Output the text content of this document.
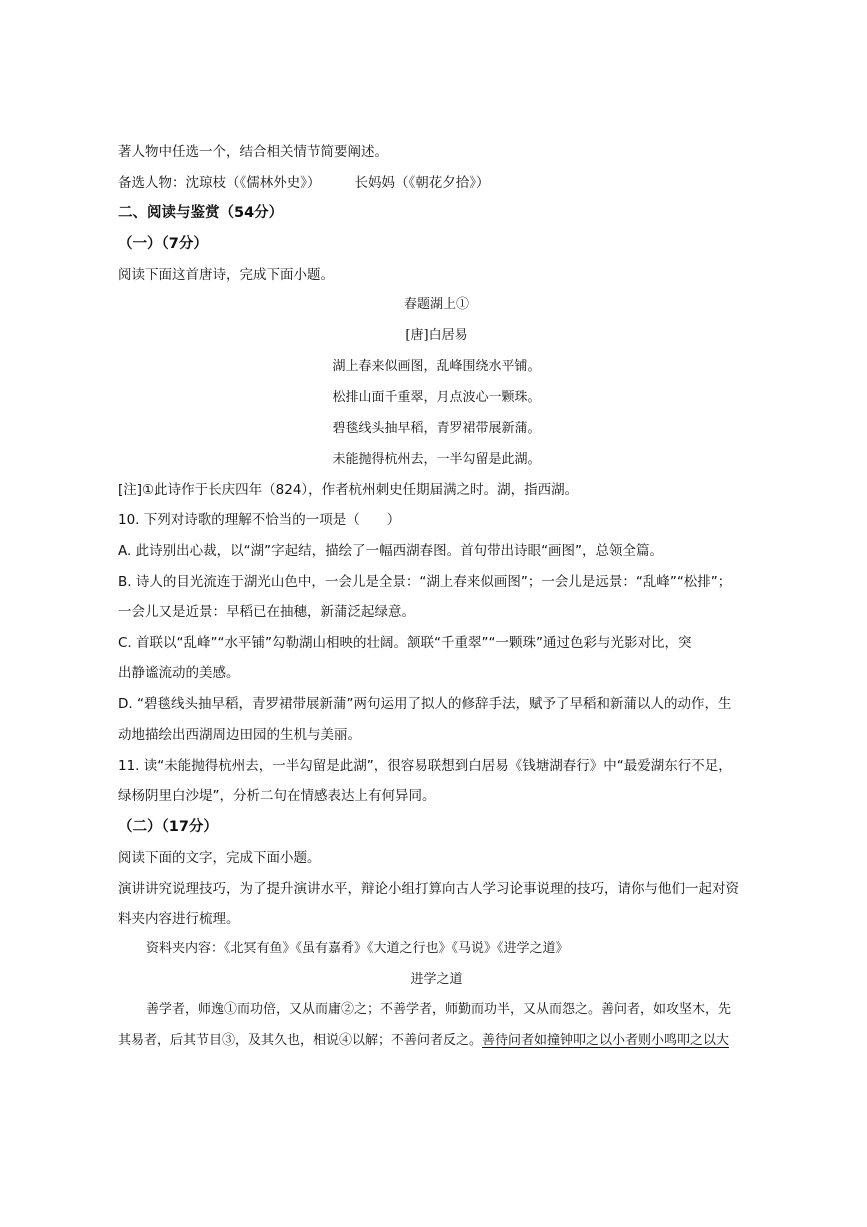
著人物中任选一个，结合相关情节简要阐述。
备选人物：沈琼枝（《儒林外史》）	长妈妈（《朝花夕拾》）
二、阅读与鉴赏（54分）
（一）（7分）
阅读下面这首唐诗，完成下面小题。
春题湖上①
[唐]白居易
湖上春来似画图，乱峰围绕水平铺。
松排山面千重翠，月点波心一颗珠。
碧毯线头抽早稻，青罗裙带展新蒲。
未能抛得杭州去，一半勾留是此湖。
[注]①此诗作于长庆四年（824），作者杭州刺史任期届满之时。湖，指西湖。
10. 下列对诗歌的理解不恰当的一项是（　　）
A. 此诗别出心裁，以“湖”字起结，描绘了一幅西湖春图。首句带出诗眼“画图”，总领全篇。
B. 诗人的目光流连于湖光山色中，一会儿是全景：“湖上春来似画图”；一会儿是远景：“乱峰”“松排”；
一会儿又是近景：早稻已在抽穗，新蒲泛起绿意。
C. 首联以“乱峰”“水平铺”勾勒湖山相映的壮阔。颔联“千重翠”“一颗珠”通过色彩与光影对比，突
出静谧流动的美感。
D. “碧毯线头抽早稻，青罗裙带展新蒲”两句运用了拟人的修辞手法，赋予了早稻和新蒲以人的动作，生
动地描绘出西湖周边田园的生机与美丽。
11. 读“未能抛得杭州去，一半勾留是此湖”，很容易联想到白居易《钱塘湖春行》中“最爱湖东行不足，
绿杨阴里白沙堤”，分析二句在情感表达上有何异同。
（二）（17分）
阅读下面的文字，完成下面小题。
演讲讲究说理技巧，为了提升演讲水平，辩论小组打算向古人学习论事说理的技巧，请你与他们一起对资
料夹内容进行梳理。
资料夹内容：《北冥有鱼》《虽有嘉肴》《大道之行也》《马说》《进学之道》
进学之道
善学者，师逸①而功倍，又从而庸②之；不善学者，师勤而功半，又从而怨之。善问者，如攻坚木，先
其易者，后其节目③，及其久也，相说④以解；不善问者反之。善待问者如撞钟叩之以小者则小鸣叩之以大
